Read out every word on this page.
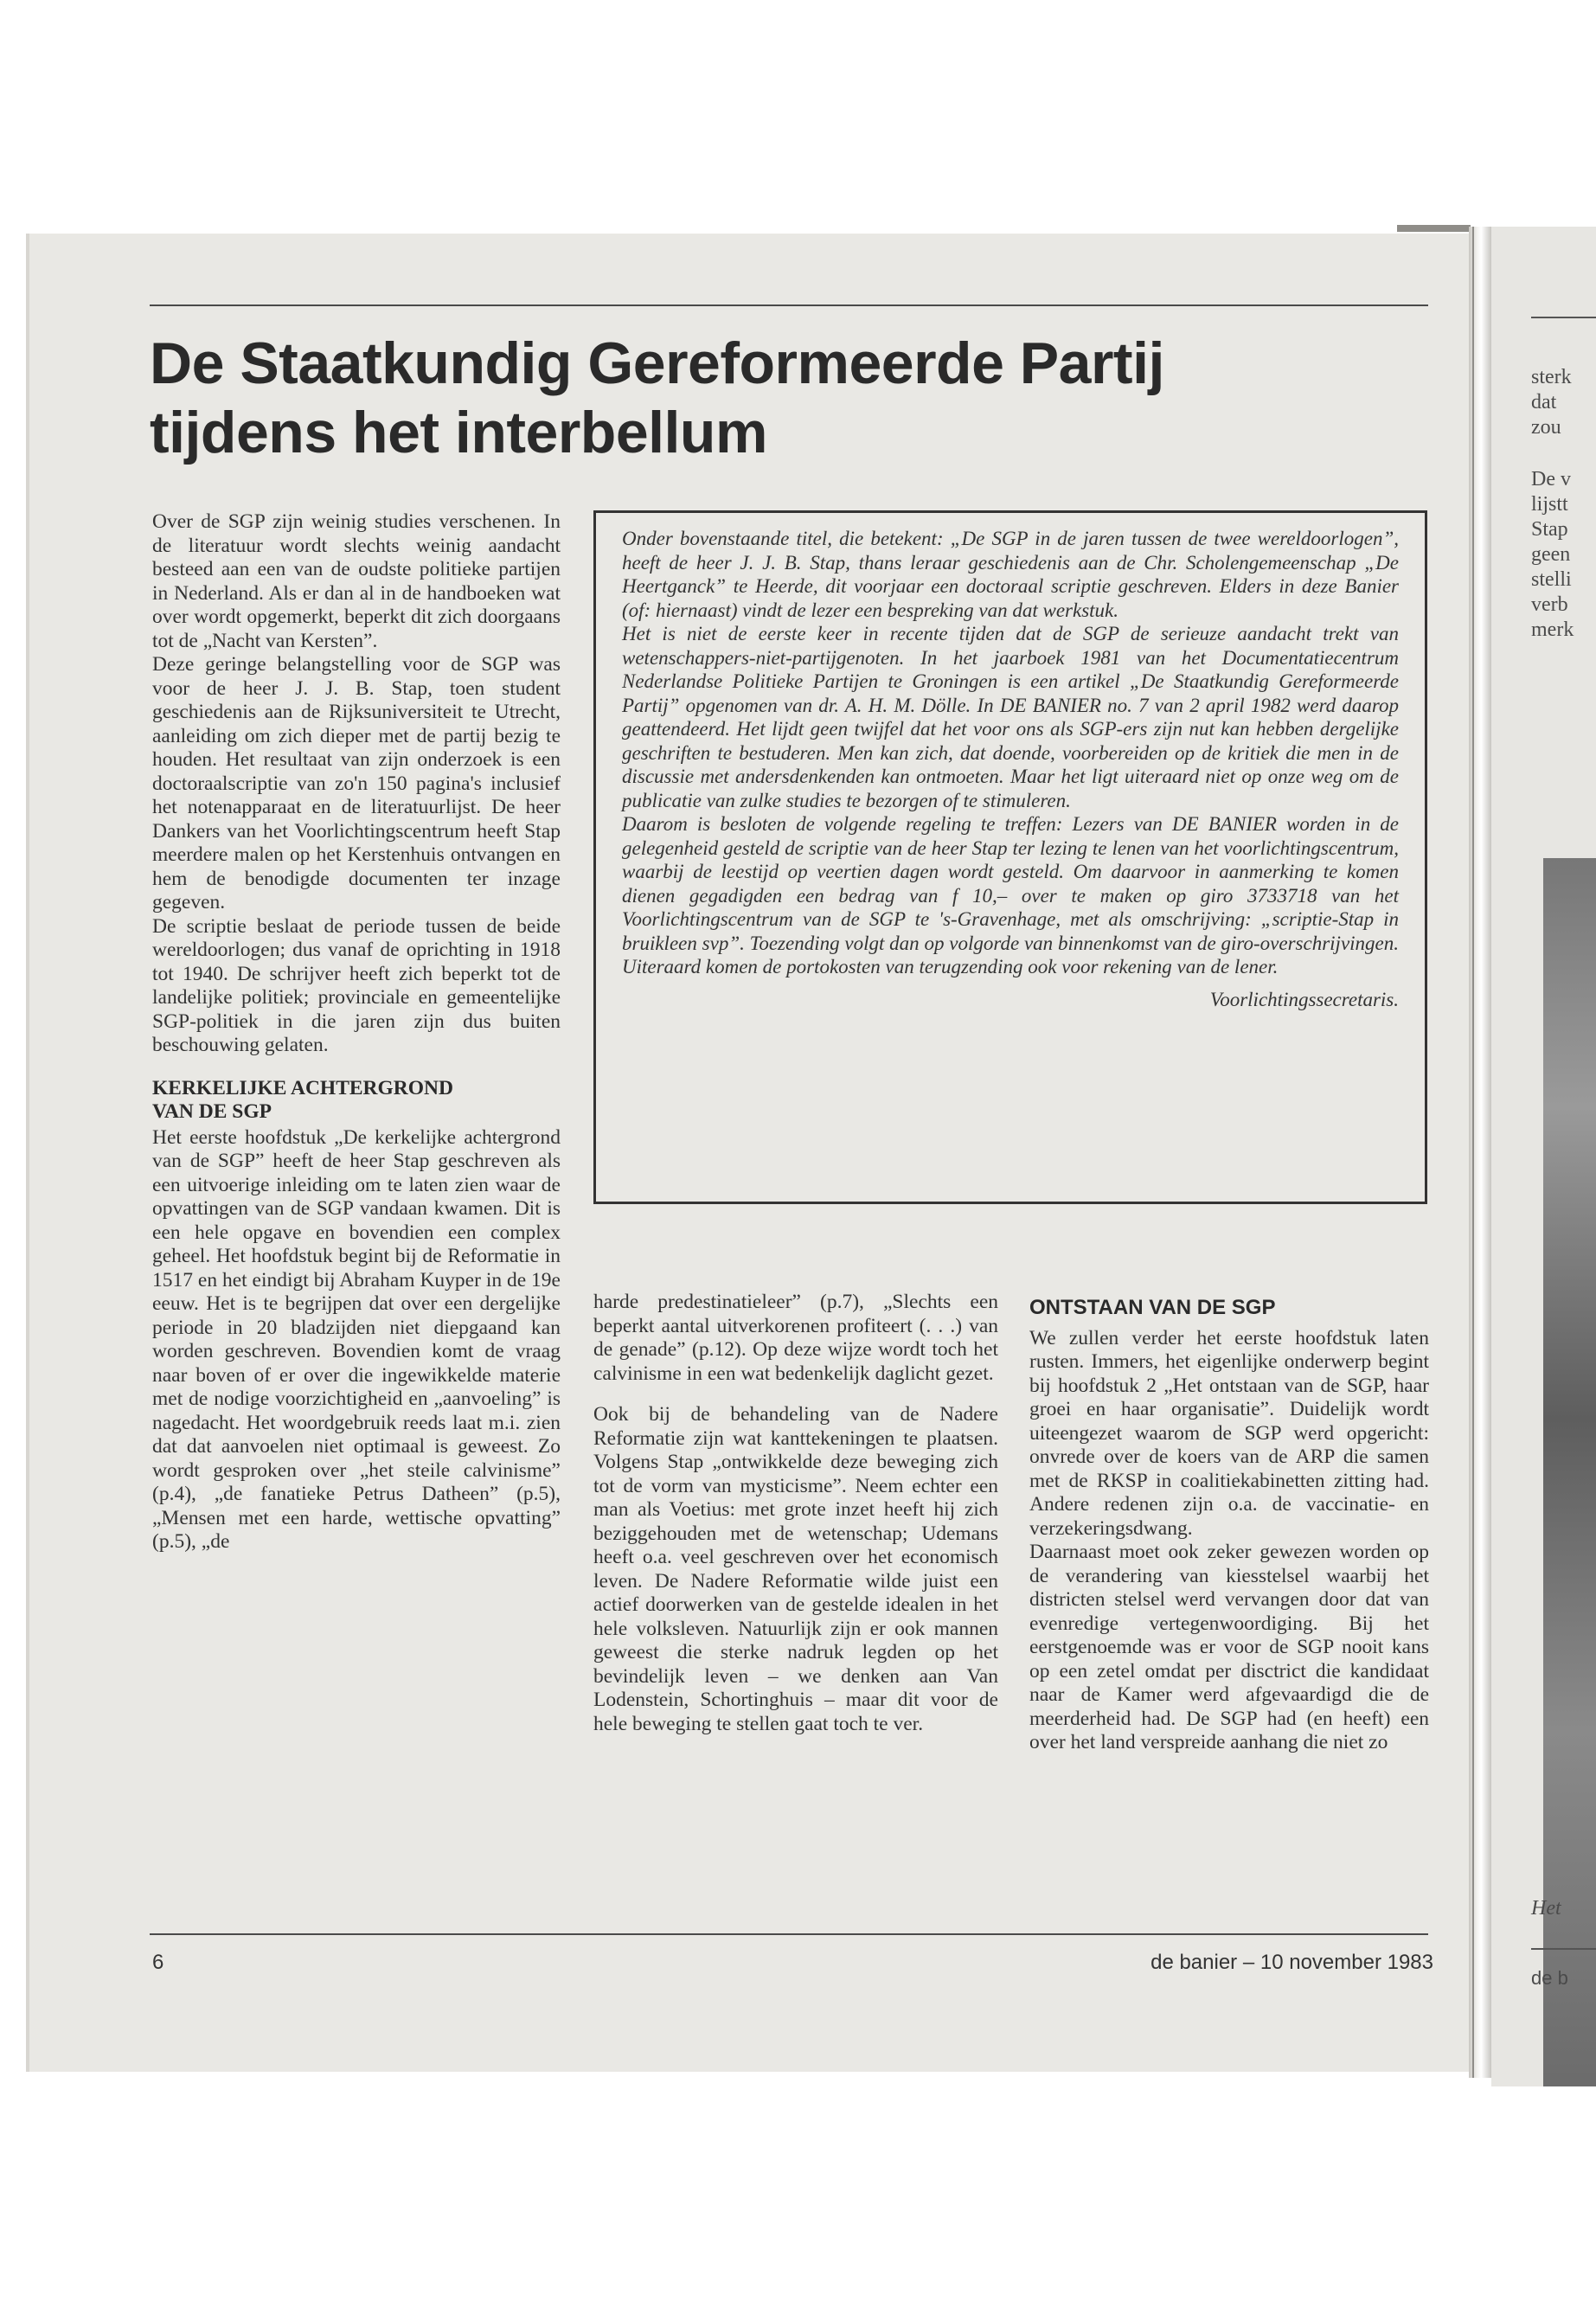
sterk
dat
zou
De v
lijstt
Stap
geen
stelli
verb
merk
Het
de b
De Staatkundig Gereformeerde Partij
tijdens het interbellum

Over de SGP zijn weinig studies verschenen. In de literatuur wordt slechts weinig aandacht besteed aan een van de oudste politieke partijen in Nederland. Als er dan al in de handboeken wat over wordt opgemerkt, beperkt dit zich doorgaans tot de „Nacht van Kersten”.

Deze geringe belangstelling voor de SGP was voor de heer J. J. B. Stap, toen student geschiedenis aan de Rijksuniversiteit te Utrecht, aanleiding om zich dieper met de partij bezig te houden. Het resultaat van zijn onderzoek is een doctoraalscriptie van zo'n 150 pagina's inclusief het notenapparaat en de literatuurlijst. De heer Dankers van het Voorlichtingscentrum heeft Stap meerdere malen op het Kerstenhuis ontvangen en hem de benodigde documenten ter inzage gegeven.

De scriptie beslaat de periode tussen de beide wereldoorlogen; dus vanaf de oprichting in 1918 tot 1940. De schrijver heeft zich beperkt tot de landelijke politiek; provinciale en gemeentelijke SGP-politiek in die jaren zijn dus buiten beschouwing gelaten.

KERKELIJKE ACHTERGROND
VAN DE SGP

Het eerste hoofdstuk „De kerkelijke achtergrond van de SGP” heeft de heer Stap geschreven als een uitvoerige inleiding om te laten zien waar de opvattingen van de SGP vandaan kwamen. Dit is een hele opgave en bovendien een complex geheel. Het hoofdstuk begint bij de Reformatie in 1517 en het eindigt bij Abraham Kuyper in de 19e eeuw. Het is te begrijpen dat over een dergelijke periode in 20 bladzijden niet diepgaand kan worden geschreven. Bovendien komt de vraag naar boven of er over die ingewikkelde materie met de nodige voorzichtigheid en „aanvoeling” is nagedacht. Het woordgebruik reeds laat m.i. zien dat dat aanvoelen niet optimaal is geweest. Zo wordt gesproken over „het steile calvinisme” (p.4), „de fanatieke Petrus Datheen” (p.5), „Mensen met een harde, wettische opvatting” (p.5), „de

Onder bovenstaande titel, die betekent: „De SGP in de jaren tussen de twee wereldoorlogen”, heeft de heer J. J. B. Stap, thans leraar geschiedenis aan de Chr. Scholengemeenschap „De Heertganck” te Heerde, dit voorjaar een doctoraal scriptie geschreven. Elders in deze Banier (of: hiernaast) vindt de lezer een bespreking van dat werkstuk.

Het is niet de eerste keer in recente tijden dat de SGP de serieuze aandacht trekt van wetenschappers-niet-partijgenoten. In het jaarboek 1981 van het Documentatiecentrum Nederlandse Politieke Partijen te Groningen is een artikel „De Staatkundig Gereformeerde Partij” opgenomen van dr. A. H. M. Dölle. In DE BANIER no. 7 van 2 april 1982 werd daarop geattendeerd. Het lijdt geen twijfel dat het voor ons als SGP-ers zijn nut kan hebben dergelijke geschriften te bestuderen. Men kan zich, dat doende, voorbereiden op de kritiek die men in de discussie met andersdenkenden kan ontmoeten. Maar het ligt uiteraard niet op onze weg om de publicatie van zulke studies te bezorgen of te stimuleren.

Daarom is besloten de volgende regeling te treffen: Lezers van DE BANIER worden in de gelegenheid gesteld de scriptie van de heer Stap ter lezing te lenen van het voorlichtingscentrum, waarbij de leestijd op veertien dagen wordt gesteld. Om daarvoor in aanmerking te komen dienen gegadigden een bedrag van f 10,– over te maken op giro 3733718 van het Voorlichtingscentrum van de SGP te 's-Gravenhage, met als omschrijving: „scriptie-Stap in bruikleen svp”. Toezending volgt dan op volgorde van binnenkomst van de giro-overschrijvingen. Uiteraard komen de portokosten van terugzending ook voor rekening van de lener.

Voorlichtingssecretaris.

harde predestinatieleer” (p.7), „Slechts een beperkt aantal uitverkorenen profiteert (. . .) van de genade” (p.12). Op deze wijze wordt toch het calvinisme in een wat bedenkelijk daglicht gezet.

Ook bij de behandeling van de Nadere Reformatie zijn wat kanttekeningen te plaatsen. Volgens Stap „ontwikkelde deze beweging zich tot de vorm van mysticisme”. Neem echter een man als Voetius: met grote inzet heeft hij zich beziggehouden met de wetenschap; Udemans heeft o.a. veel geschreven over het economisch leven. De Nadere Reformatie wilde juist een actief doorwerken van de gestelde idealen in het hele volksleven. Natuurlijk zijn er ook mannen geweest die sterke nadruk legden op het bevindelijk leven – we denken aan Van Lodenstein, Schortinghuis – maar dit voor de hele beweging te stellen gaat toch te ver.

ONTSTAAN VAN DE SGP

We zullen verder het eerste hoofdstuk laten rusten. Immers, het eigenlijke onderwerp begint bij hoofdstuk 2 „Het ontstaan van de SGP, haar groei en haar organisatie”. Duidelijk wordt uiteengezet waarom de SGP werd opgericht: onvrede over de koers van de ARP die samen met de RKSP in coalitiekabinetten zitting had. Andere redenen zijn o.a. de vaccinatie- en verzekeringsdwang.

Daarnaast moet ook zeker gewezen worden op de verandering van kiesstelsel waarbij het districten stelsel werd vervangen door dat van evenredige vertegenwoordiging. Bij het eerstgenoemde was er voor de SGP nooit kans op een zetel omdat per disctrict die kandidaat naar de Kamer werd afgevaardigd die de meerderheid had. De SGP had (en heeft) een over het land verspreide aanhang die niet zo

6	de banier – 10 november 1983
